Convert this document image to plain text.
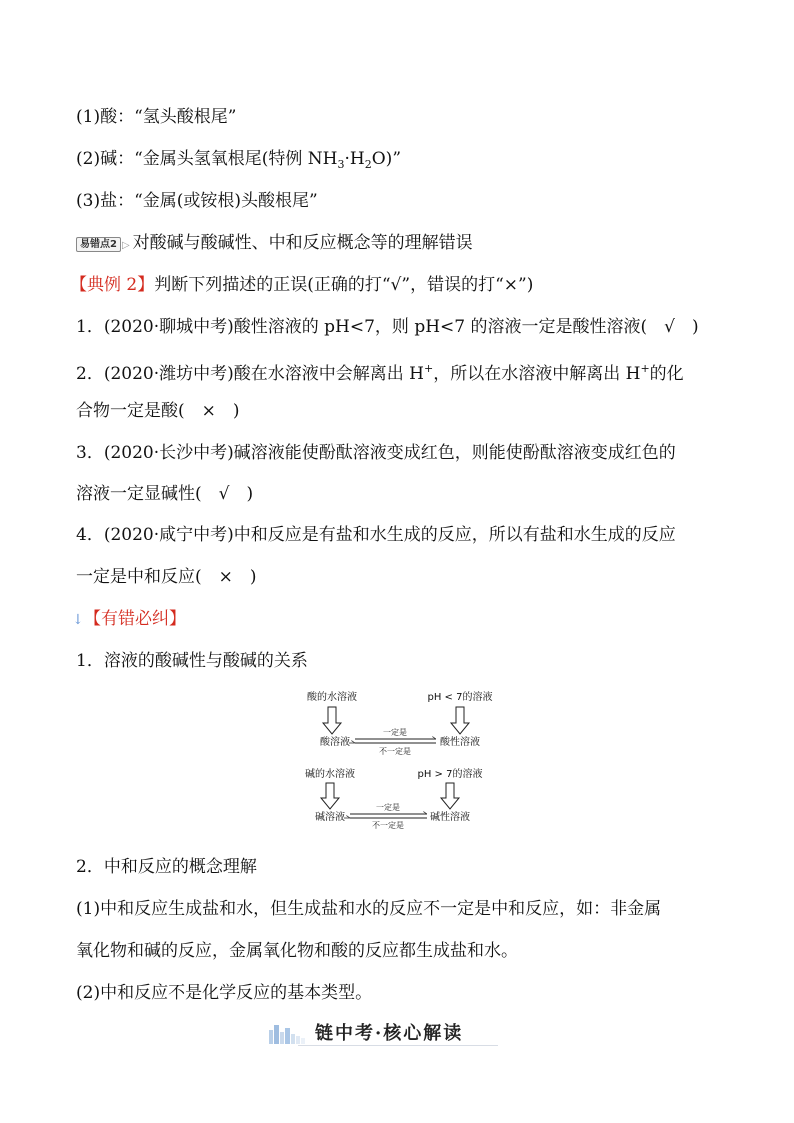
(1)酸：“氢头酸根尾”
(2)碱：“金属头氢氧根尾(特例 $NH_3\cdot H_2O$)”
(3)盐：“金属(或铵根)头酸根尾”
易错点2 ▷ 对酸碱与酸碱性、中和反应概念等的理解错误
【典例 2】判断下列描述的正误(正确的打“√”，错误的打“×”)
1．(2020·聊城中考)酸性溶液的 pH<7，则 pH<7 的溶液一定是酸性溶液(　√　)
2．(2020·潍坊中考)酸在水溶液中会解离出 H+，所以在水溶液中解离出 H+的化
合物一定是酸(　×　)
3．(2020·长沙中考)碱溶液能使酚酞溶液变成红色，则能使酚酞溶液变成红色的
溶液一定显碱性(　√　)
4．(2020·咸宁中考)中和反应是有盐和水生成的反应，所以有盐和水生成的反应
一定是中和反应(　×　)
↓【有错必纠】
1．溶液的酸碱性与酸碱的关系
酸的水溶液	pH < 7的溶液
酸溶液	酸性溶液
一定是
不一定是
碱的水溶液	pH > 7的溶液
碱溶液	碱性溶液
一定是
不一定是
2．中和反应的概念理解
(1)中和反应生成盐和水，但生成盐和水的反应不一定是中和反应，如：非金属
氧化物和碱的反应，金属氧化物和酸的反应都生成盐和水。
(2)中和反应不是化学反应的基本类型。
链中考·核心解读
